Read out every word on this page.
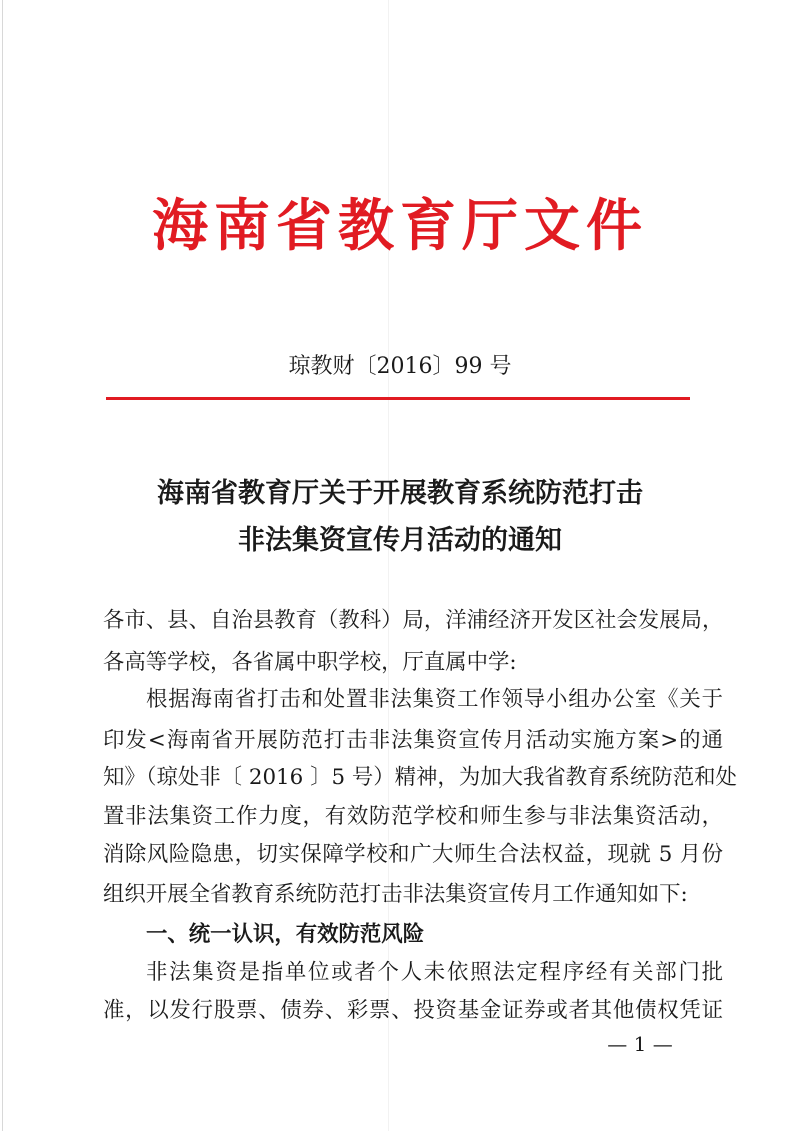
海南省教育厅文件
琼教财〔2016〕99 号
海南省教育厅关于开展教育系统防范打击
非法集资宣传月活动的通知
各市、县、自治县教育（教科）局，洋浦经济开发区社会发展局，
各高等学校，各省属中职学校，厅直属中学:
根据海南省打击和处置非法集资工作领导小组办公室《关于
印发<海南省开展防范打击非法集资宣传月活动实施方案>的通
知》（琼处非〔 2016 〕5 号）精神，为加大我省教育系统防范和处
置非法集资工作力度，有效防范学校和师生参与非法集资活动，
消除风险隐患，切实保障学校和广大师生合法权益，现就 5 月份
组织开展全省教育系统防范打击非法集资宣传月工作通知如下:
一、统一认识，有效防范风险
非法集资是指单位或者个人未依照法定程序经有关部门批
准，以发行股票、债券、彩票、投资基金证券或者其他债权凭证
— 1 —
